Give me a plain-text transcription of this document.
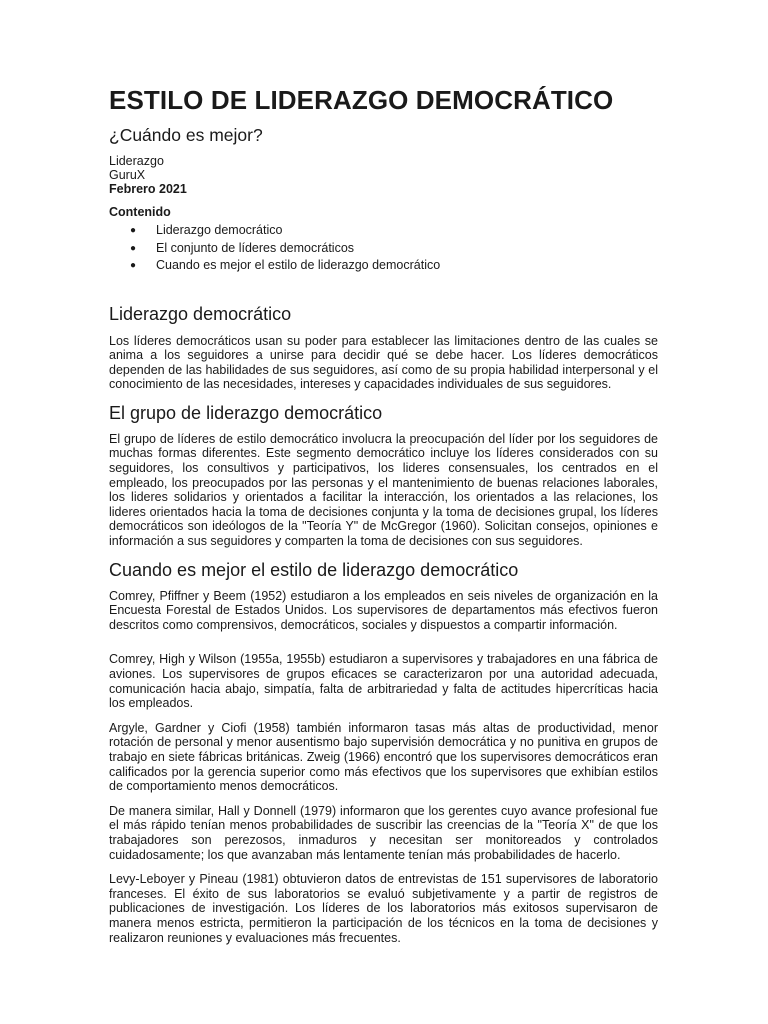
ESTILO DE LIDERAZGO DEMOCRÁTICO
¿Cuándo es mejor?
Liderazgo
GuruX
Febrero 2021
Contenido
● Liderazgo democrático
● El conjunto de líderes democráticos
● Cuando es mejor el estilo de liderazgo democrático
Liderazgo democrático

Los líderes democráticos usan su poder para establecer las limitaciones dentro de las cuales se anima a los seguidores a unirse para decidir qué se debe hacer. Los líderes democráticos dependen de las habilidades de sus seguidores, así como de su propia habilidad interpersonal y el conocimiento de las necesidades, intereses y capacidades individuales de sus seguidores.

El grupo de liderazgo democrático

El grupo de líderes de estilo democrático involucra la preocupación del líder por los seguidores de muchas formas diferentes. Este segmento democrático incluye los líderes considerados con su seguidores, los consultivos y participativos, los lideres consensuales, los centrados en el empleado, los preocupados por las personas y el mantenimiento de buenas relaciones laborales, los lideres solidarios y orientados a facilitar la interacción, los orientados a las relaciones, los lideres orientados hacia la toma de decisiones conjunta y la toma de decisiones grupal, los líderes democráticos son ideólogos de la "Teoría Y" de McGregor (1960). Solicitan consejos, opiniones e información a sus seguidores y comparten la toma de decisiones con sus seguidores.

Cuando es mejor el estilo de liderazgo democrático

Comrey, Pfiffner y Beem (1952) estudiaron a los empleados en seis niveles de organización en la Encuesta Forestal de Estados Unidos. Los supervisores de departamentos más efectivos fueron descritos como comprensivos, democráticos, sociales y dispuestos a compartir información.

Comrey, High y Wilson (1955a, 1955b) estudiaron a supervisores y trabajadores en una fábrica de aviones. Los supervisores de grupos eficaces se caracterizaron por una autoridad adecuada, comunicación hacia abajo, simpatía, falta de arbitrariedad y falta de actitudes hipercríticas hacia los empleados.

Argyle, Gardner y Ciofi (1958) también informaron tasas más altas de productividad, menor rotación de personal y menor ausentismo bajo supervisión democrática y no punitiva en grupos de trabajo en siete fábricas británicas. Zweig (1966) encontró que los supervisores democráticos eran calificados por la gerencia superior como más efectivos que los supervisores que exhibían estilos de comportamiento menos democráticos.

De manera similar, Hall y Donnell (1979) informaron que los gerentes cuyo avance profesional fue el más rápido tenían menos probabilidades de suscribir las creencias de la "Teoría X" de que los trabajadores son perezosos, inmaduros y necesitan ser monitoreados y controlados cuidadosamente; los que avanzaban más lentamente tenían más probabilidades de hacerlo.

Levy-Leboyer y Pineau (1981) obtuvieron datos de entrevistas de 151 supervisores de laboratorio franceses. El éxito de sus laboratorios se evaluó subjetivamente y a partir de registros de publicaciones de investigación. Los líderes de los laboratorios más exitosos supervisaron de manera menos estricta, permitieron la participación de los técnicos en la toma de decisiones y realizaron reuniones y evaluaciones más frecuentes.
